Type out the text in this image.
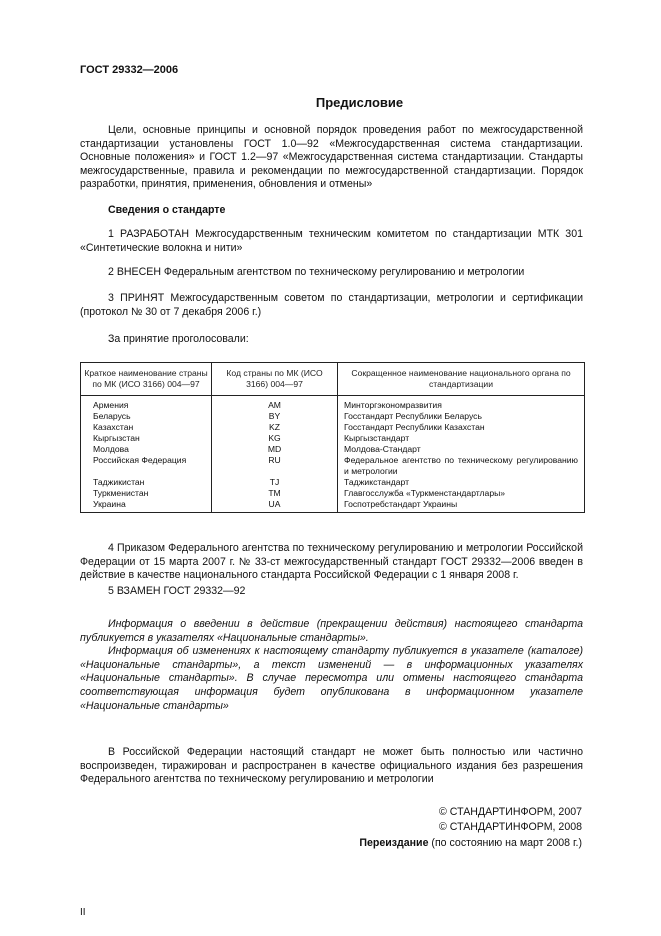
ГОСТ 29332—2006
Предисловие

Цели, основные принципы и основной порядок проведения работ по межгосударственной стандартизации установлены ГОСТ 1.0—92 «Межгосударственная система стандартизации. Основные положения» и ГОСТ 1.2—97 «Межгосударственная система стандартизации. Стандарты межгосударственные, правила и рекомендации по межгосударственной стандартизации. Порядок разработки, принятия, применения, обновления и отмены»

Сведения о стандарте

1 РАЗРАБОТАН Межгосударственным техническим комитетом по стандартизации МТК 301 «Синтетические волокна и нити»

2 ВНЕСЕН Федеральным агентством по техническому регулированию и метрологии

3 ПРИНЯТ Межгосударственным советом по стандартизации, метрологии и сертификации (протокол № 30 от 7 декабря 2006 г.)

За принятие проголосовали:

Краткое наименование страны по МК (ИСО 3166) 004—97	Код страны по МК (ИСО 3166) 004—97	Сокращенное наименование национального органа по стандартизации
Армения	AM	Минторгэкономразвития
Беларусь	BY	Госстандарт Республики Беларусь
Казахстан	KZ	Госстандарт Республики Казахстан
Кыргызстан	KG	Кыргызстандарт
Молдова	MD	Молдова-Стандарт
Российская Федерация	RU	Федеральное агентство по техническому регулированию и метрологии
Таджикистан	TJ	Таджикстандарт
Туркменистан	TM	Главгосслужба «Туркменстандартлары»
Украина	UA	Госпотребстандарт Украины

4 Приказом Федерального агентства по техническому регулированию и метрологии Российской Федерации от 15 марта 2007 г. № 33-ст межгосударственный стандарт ГОСТ 29332—2006 введен в действие в качестве национального стандарта Российской Федерации с 1 января 2008 г.

5 ВЗАМЕН ГОСТ 29332—92

Информация о введении в действие (прекращении действия) настоящего стандарта публикуется в указателях «Национальные стандарты».

Информация об изменениях к настоящему стандарту публикуется в указателе (каталоге) «Национальные стандарты», а текст изменений — в информационных указателях «Национальные стандарты». В случае пересмотра или отмены настоящего стандарта соответствующая информация будет опубликована в информационном указателе «Национальные стандарты»

В Российской Федерации настоящий стандарт не может быть полностью или частично воспроизведен, тиражирован и распространен в качестве официального издания без разрешения Федерального агентства по техническому регулированию и метрологии

© СТАНДАРТИНФОРМ, 2007
© СТАНДАРТИНФОРМ, 2008
Переиздание (по состоянию на март 2008 г.)
II
